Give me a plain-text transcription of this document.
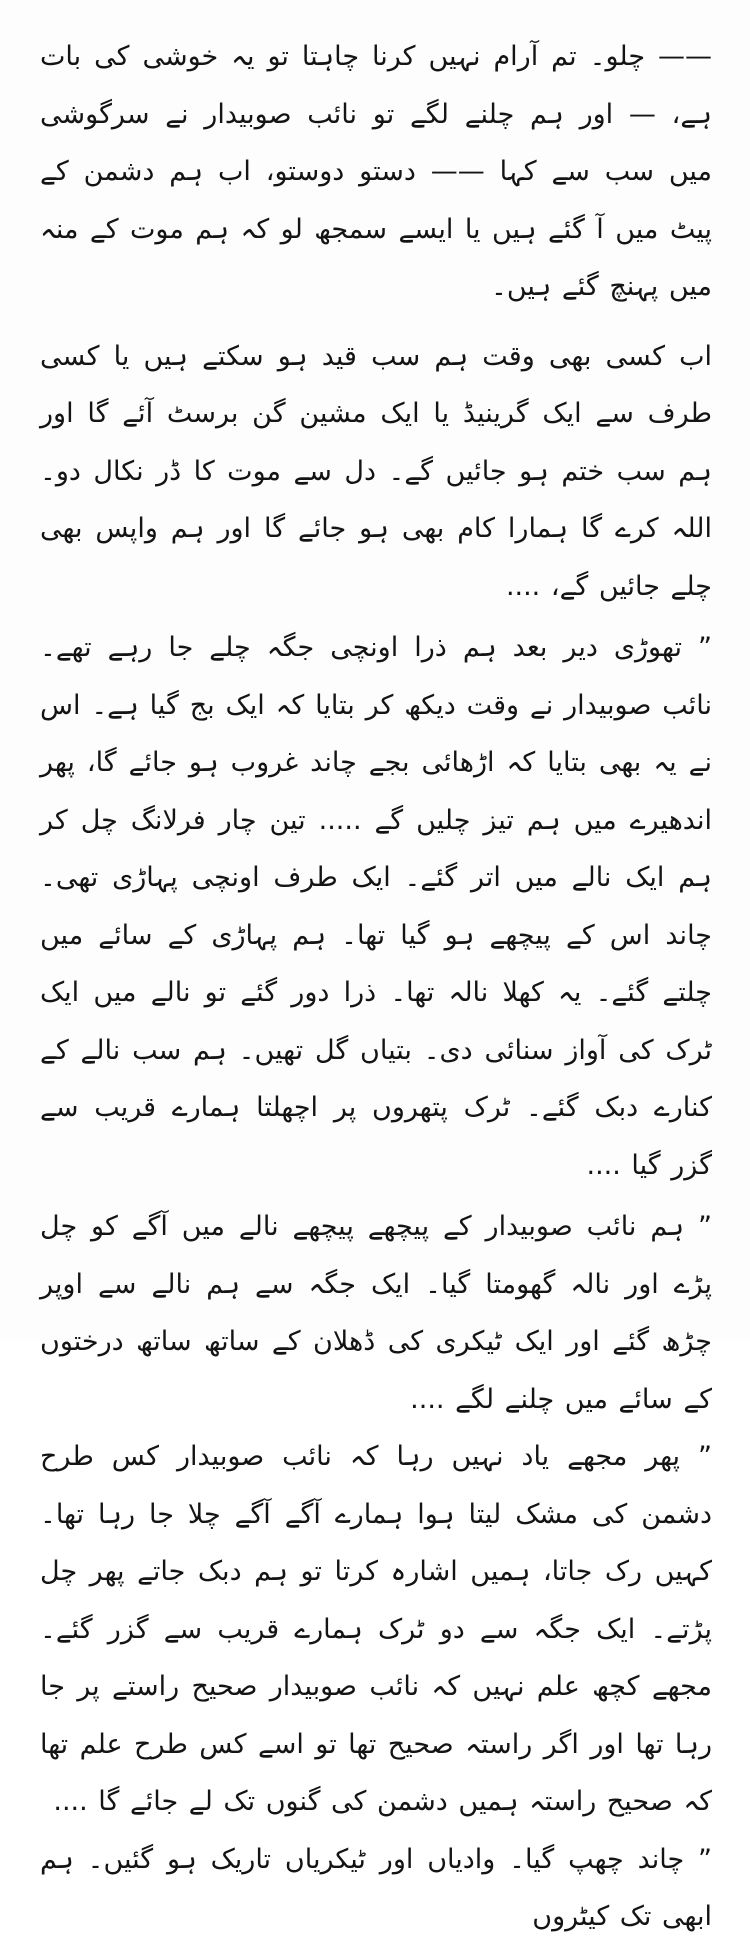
—— چلو۔ تم آرام نہیں کرنا چاہتا تو یہ خوشی کی بات ہے، — اور ہم چلنے لگے تو نائب صوبیدار نے سرگوشی میں سب سے کہا —— دستو دوستو، اب ہم دشمن کے پیٹ میں آ گئے ہیں یا ایسے سمجھ لو کہ ہم موت کے منہ میں پہنچ گئے ہیں۔

اب کسی بھی وقت ہم سب قید ہو سکتے ہیں یا کسی طرف سے ایک گرینیڈ یا ایک مشین گن برسٹ آئے گا اور ہم سب ختم ہو جائیں گے۔ دل سے موت کا ڈر نکال دو۔ اللہ کرے گا ہمارا کام بھی ہو جائے گا اور ہم واپس بھی چلے جائیں گے، ....

” تھوڑی دیر بعد ہم ذرا اونچی جگہ چلے جا رہے تھے۔ نائب صوبیدار نے وقت دیکھ کر بتایا کہ ایک بج گیا ہے۔ اس نے یہ بھی بتایا کہ اڑھائی بجے چاند غروب ہو جائے گا، پھر اندھیرے میں ہم تیز چلیں گے ..... تین چار فرلانگ چل کر ہم ایک نالے میں اتر گئے۔ ایک طرف اونچی پہاڑی تھی۔ چاند اس کے پیچھے ہو گیا تھا۔ ہم پہاڑی کے سائے میں چلتے گئے۔ یہ کھلا نالہ تھا۔ ذرا دور گئے تو نالے میں ایک ٹرک کی آواز سنائی دی۔ بتیاں گل تھیں۔ ہم سب نالے کے کنارے دبک گئے۔ ٹرک پتھروں پر اچھلتا ہمارے قریب سے گزر گیا ....

” ہم نائب صوبیدار کے پیچھے پیچھے نالے میں آگے کو چل پڑے اور نالہ گھومتا گیا۔ ایک جگہ سے ہم نالے سے اوپر چڑھ گئے اور ایک ٹیکری کی ڈھلان کے ساتھ ساتھ درختوں کے سائے میں چلنے لگے ....

” پھر مجھے یاد نہیں رہا کہ نائب صوبیدار کس طرح دشمن کی مشک لیتا ہوا ہمارے آگے آگے چلا جا رہا تھا۔ کہیں رک جاتا، ہمیں اشارہ کرتا تو ہم دبک جاتے پھر چل پڑتے۔ ایک جگہ سے دو ٹرک ہمارے قریب سے گزر گئے۔ مجھے کچھ علم نہیں کہ نائب صوبیدار صحیح راستے پر جا رہا تھا اور اگر راستہ صحیح تھا تو اسے کس طرح علم تھا کہ صحیح راستہ ہمیں دشمن کی گنوں تک لے جائے گا ....

” چاند چھپ گیا۔ وادیاں اور ٹیکریاں تاریک ہو گئیں۔ ہم ابھی تک کیٹروں
